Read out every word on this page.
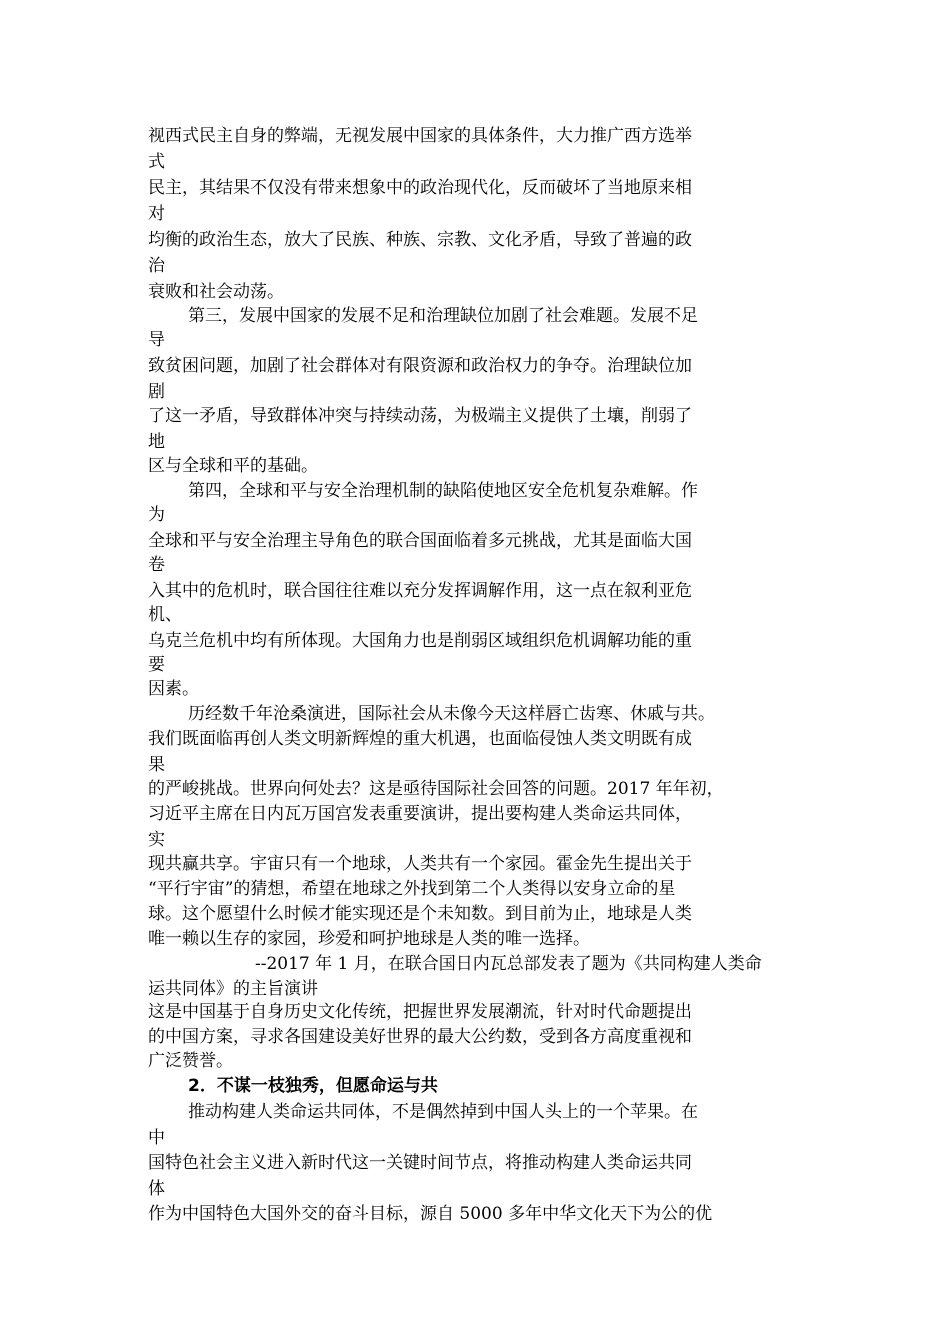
视西式民主自身的弊端，无视发展中国家的具体条件，大力推广西方选举
式
民主，其结果不仅没有带来想象中的政治现代化，反而破坏了当地原来相
对
均衡的政治生态，放大了民族、种族、宗教、文化矛盾，导致了普遍的政
治
衰败和社会动荡。
第三，发展中国家的发展不足和治理缺位加剧了社会难题。发展不足
导
致贫困问题，加剧了社会群体对有限资源和政治权力的争夺。治理缺位加
剧
了这一矛盾，导致群体冲突与持续动荡，为极端主义提供了土壤，削弱了
地
区与全球和平的基础。
第四，全球和平与安全治理机制的缺陷使地区安全危机复杂难解。作
为
全球和平与安全治理主导角色的联合国面临着多元挑战，尤其是面临大国
卷
入其中的危机时，联合国往往难以充分发挥调解作用，这一点在叙利亚危
机、
乌克兰危机中均有所体现。大国角力也是削弱区域组织危机调解功能的重
要
因素。
历经数千年沧桑演进，国际社会从未像今天这样唇亡齿寒、休戚与共。
我们既面临再创人类文明新辉煌的重大机遇，也面临侵蚀人类文明既有成
果
的严峻挑战。世界向何处去？这是亟待国际社会回答的问题。2017 年年初，
习近平主席在日内瓦万国宫发表重要演讲，提出要构建人类命运共同体，
实
现共赢共享。宇宙只有一个地球，人类共有一个家园。霍金先生提出关于
“平行宇宙”的猜想，希望在地球之外找到第二个人类得以安身立命的星
球。这个愿望什么时候才能实现还是个未知数。到目前为止，地球是人类
唯一赖以生存的家园，珍爱和呵护地球是人类的唯一选择。
--2017 年 1 月，在联合国日内瓦总部发表了题为《共同构建人类命
运共同体》的主旨演讲
这是中国基于自身历史文化传统，把握世界发展潮流，针对时代命题提出
的中国方案，寻求各国建设美好世界的最大公约数，受到各方高度重视和
广泛赞誉。
2．不谋一枝独秀，但愿命运与共
推动构建人类命运共同体，不是偶然掉到中国人头上的一个苹果。在
中
国特色社会主义进入新时代这一关键时间节点，将推动构建人类命运共同
体
作为中国特色大国外交的奋斗目标，源自 5000 多年中华文化天下为公的优
